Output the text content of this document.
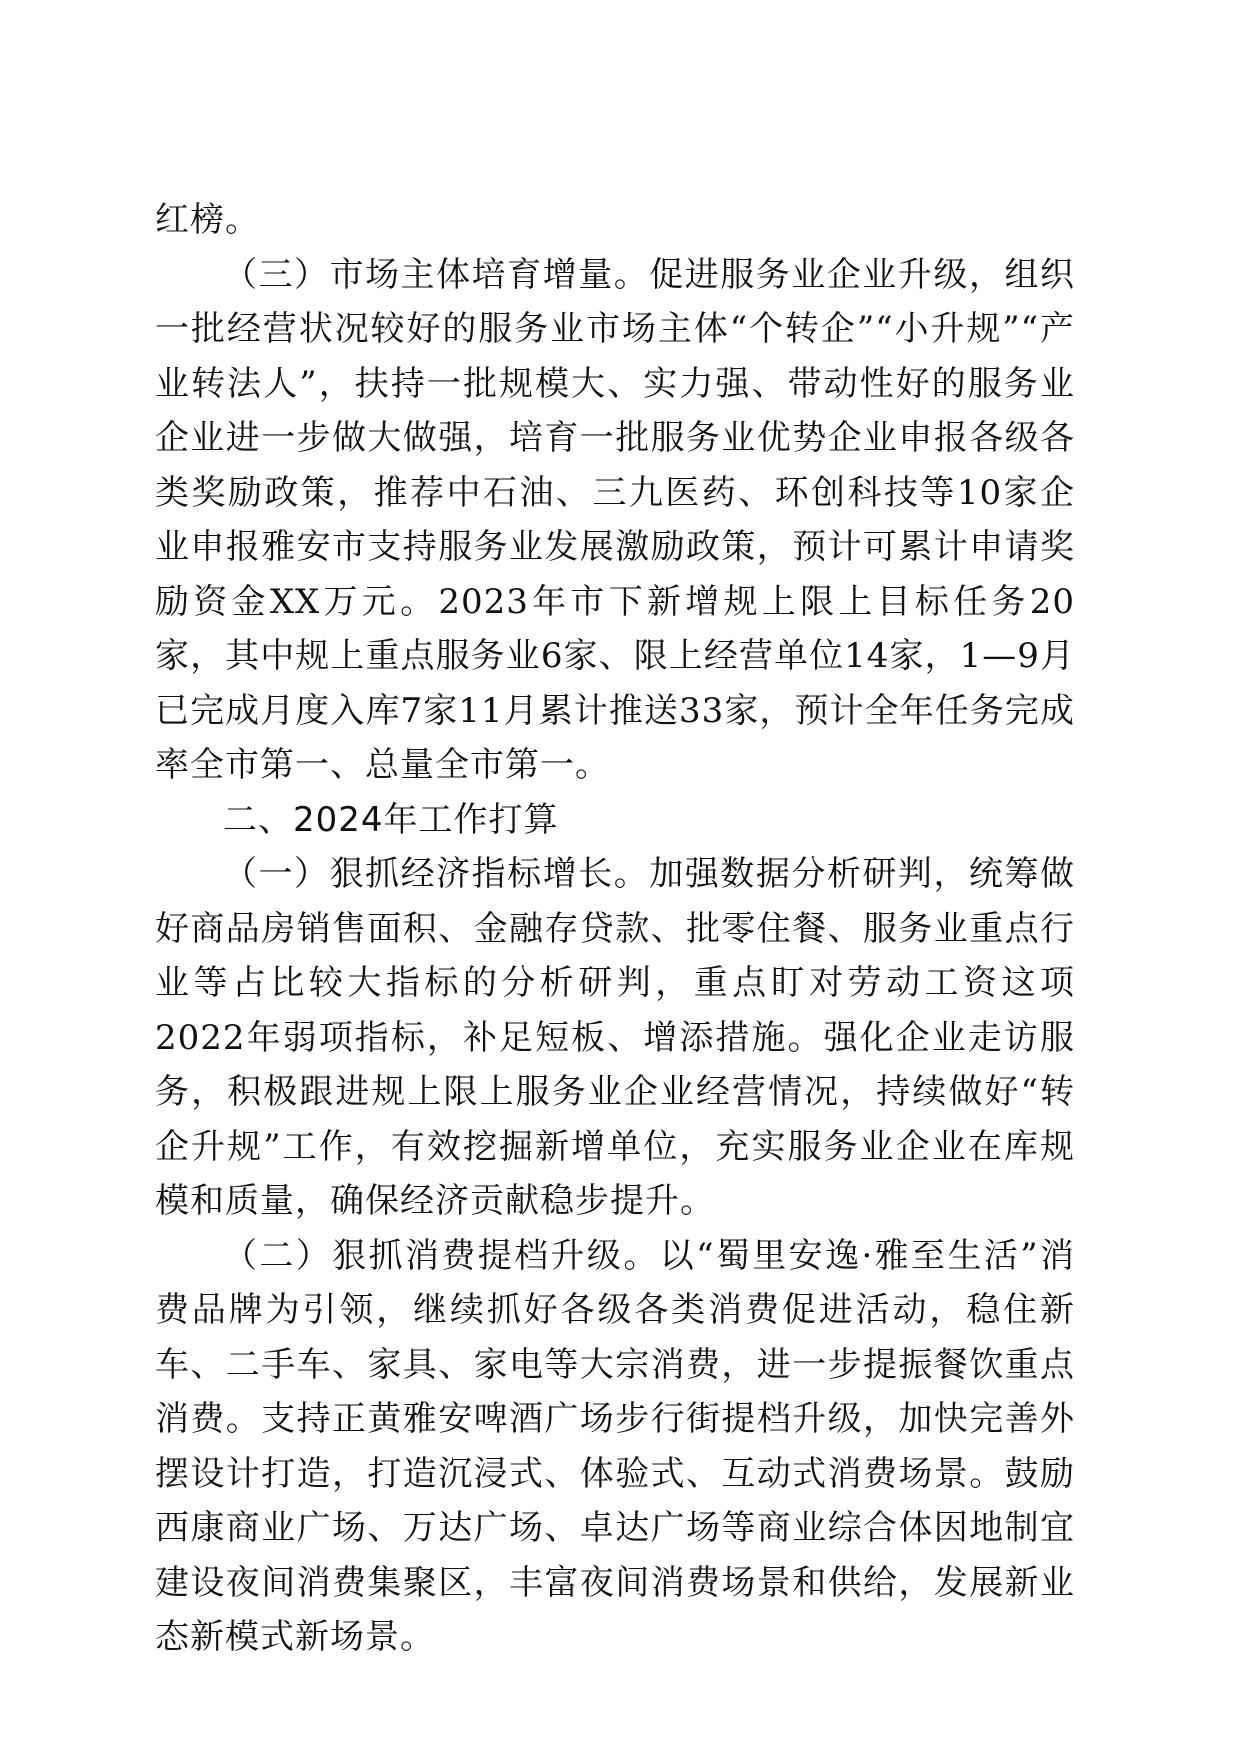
红榜。

（三）市场主体培育增量。促进服务业企业升级，组织一批经营状况较好的服务业市场主体“个转企”“小升规”“产业转法人”，扶持一批规模大、实力强、带动性好的服务业企业进一步做大做强，培育一批服务业优势企业申报各级各类奖励政策，推荐中石油、三九医药、环创科技等10家企业申报雅安市支持服务业发展激励政策，预计可累计申请奖励资金XX万元。2023年市下新增规上限上目标任务20家，其中规上重点服务业6家、限上经营单位14家，1—9月已完成月度入库7家11月累计推送33家，预计全年任务完成率全市第一、总量全市第一。

二、2024年工作打算

（一）狠抓经济指标增长。加强数据分析研判，统筹做好商品房销售面积、金融存贷款、批零住餐、服务业重点行业等占比较大指标的分析研判，重点盯对劳动工资这项2022年弱项指标，补足短板、增添措施。强化企业走访服务，积极跟进规上限上服务业企业经营情况，持续做好“转企升规”工作，有效挖掘新增单位，充实服务业企业在库规模和质量，确保经济贡献稳步提升。

（二）狠抓消费提档升级。以“蜀里安逸·雅至生活”消费品牌为引领，继续抓好各级各类消费促进活动，稳住新车、二手车、家具、家电等大宗消费，进一步提振餐饮重点消费。支持正黄雅安啤酒广场步行街提档升级，加快完善外摆设计打造，打造沉浸式、体验式、互动式消费场景。鼓励西康商业广场、万达广场、卓达广场等商业综合体因地制宜建设夜间消费集聚区，丰富夜间消费场景和供给，发展新业态新模式新场景。
